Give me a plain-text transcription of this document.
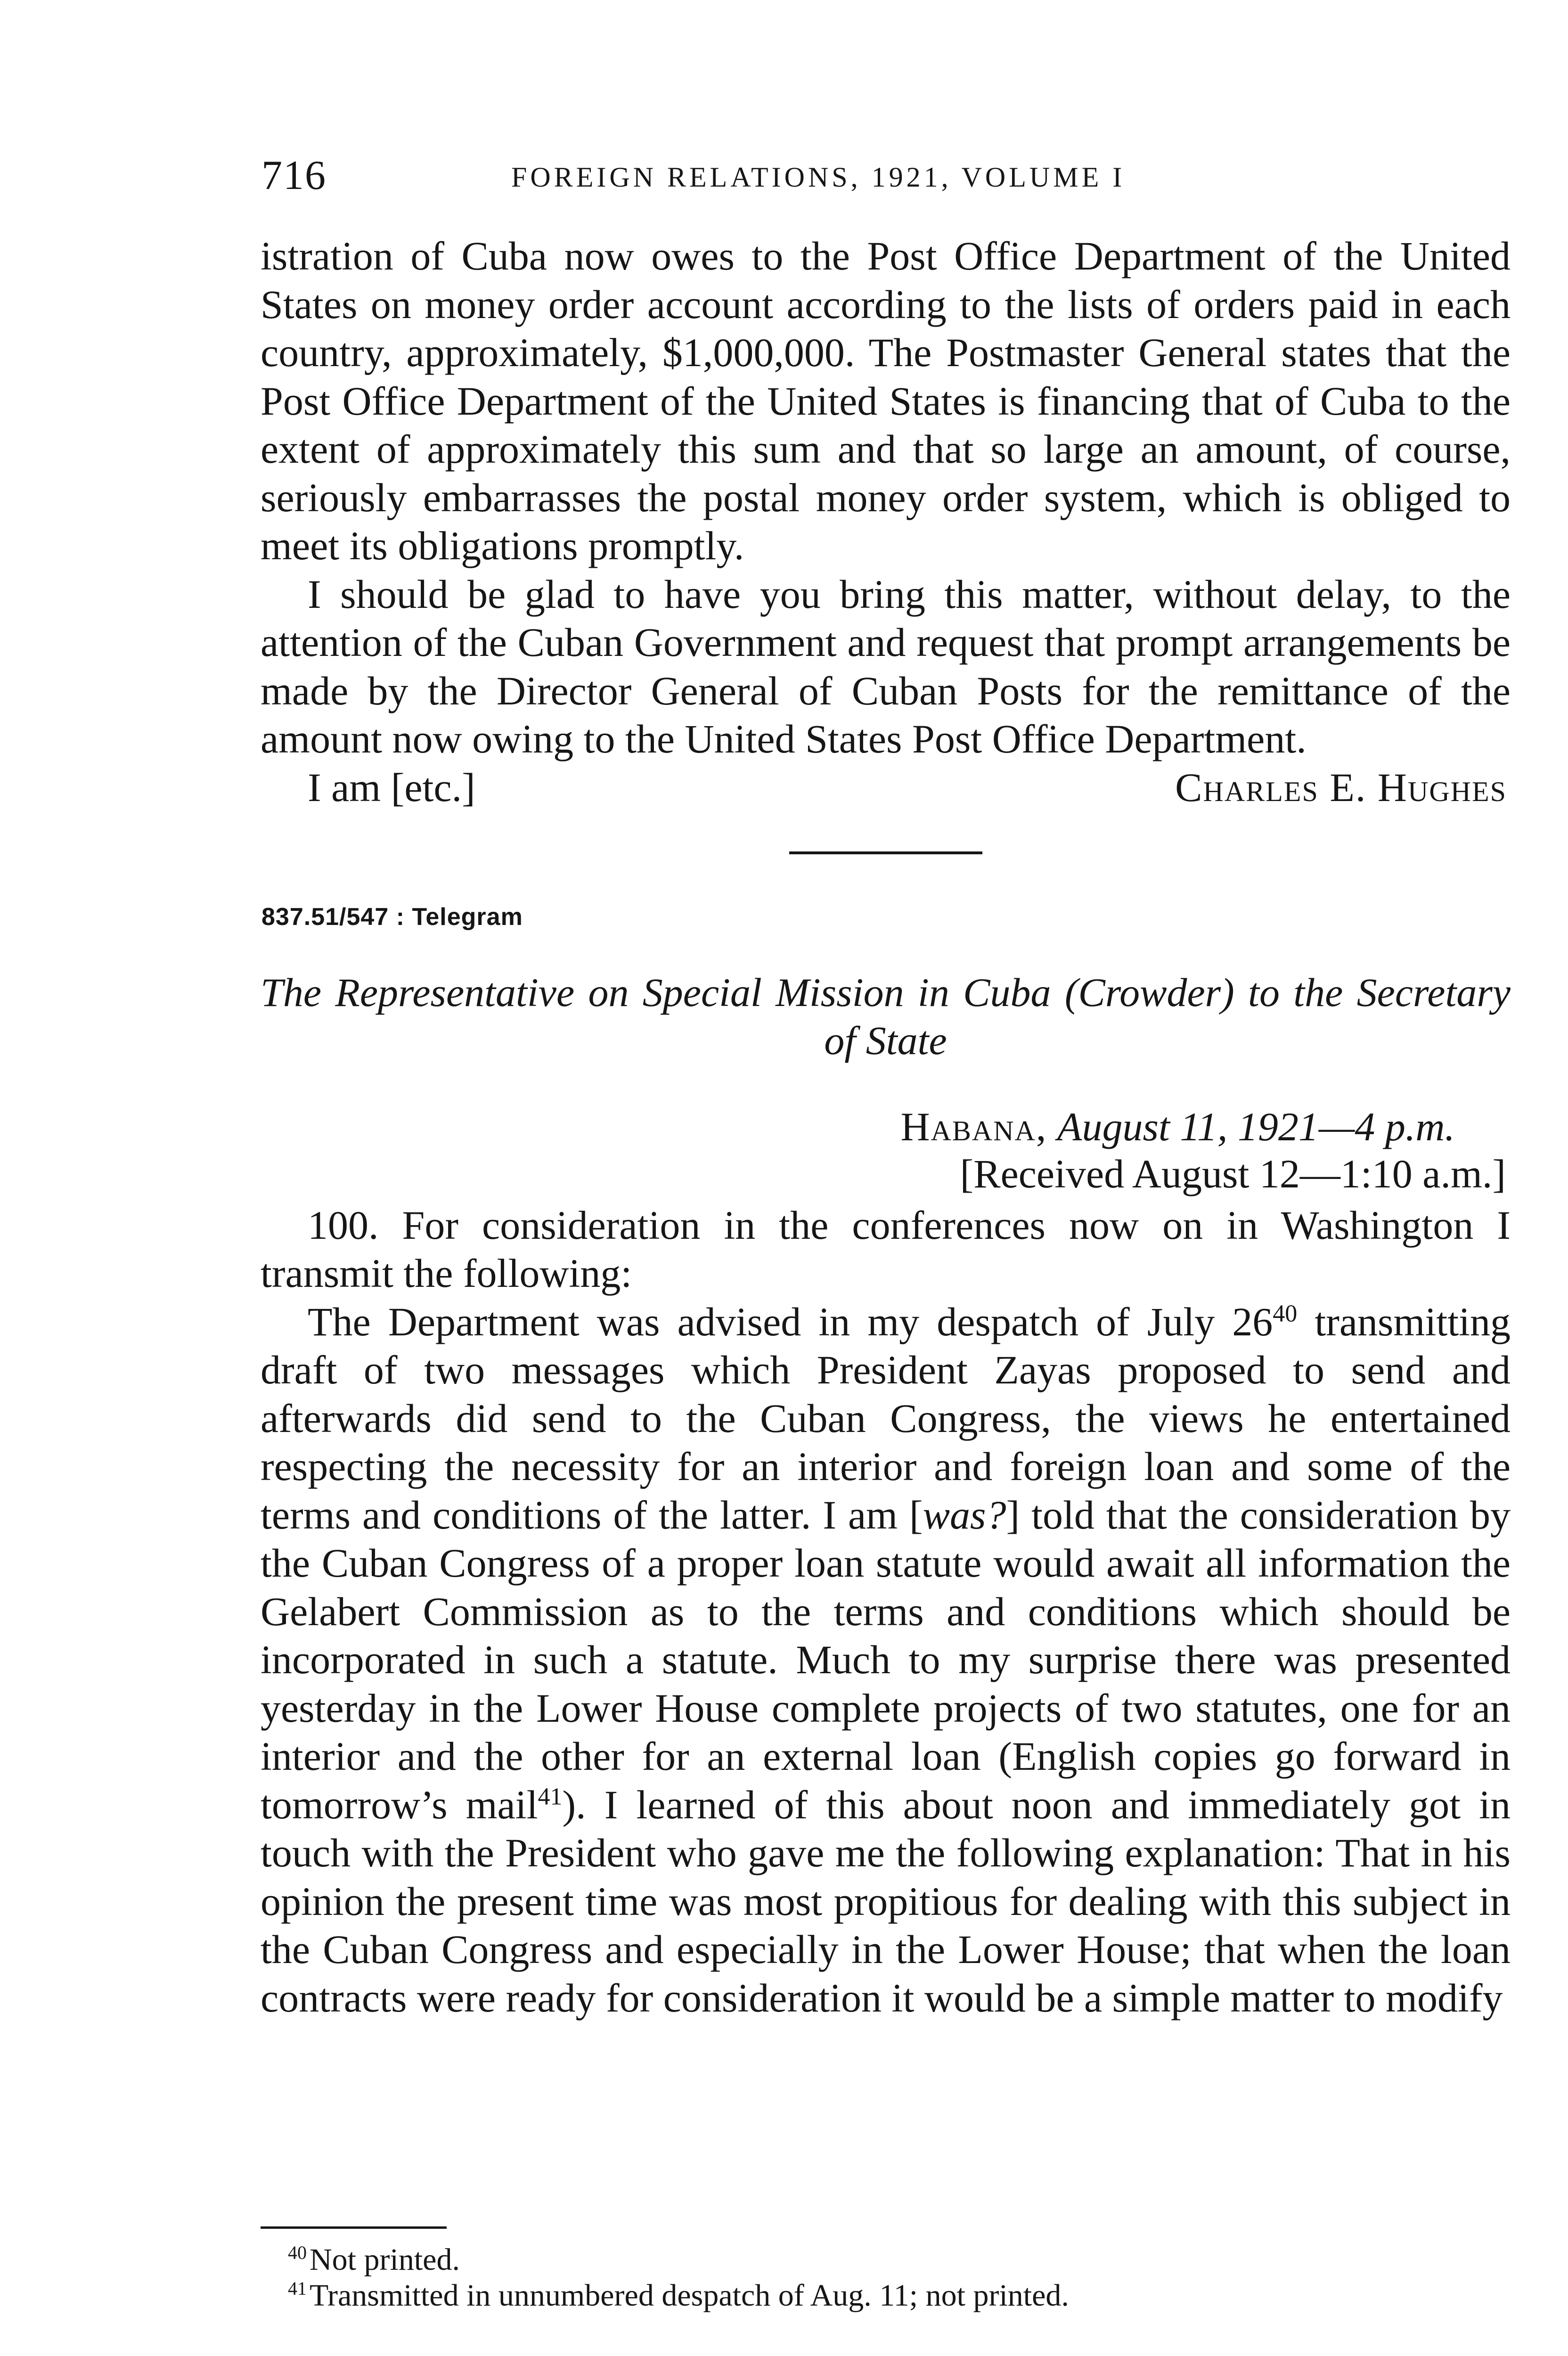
716	FOREIGN RELATIONS, 1921, VOLUME I

istration of Cuba now owes to the Post Office Department of the United States on money order account according to the lists of orders paid in each country, approximately, $1,000,000. The Postmaster General states that the Post Office Department of the United States is financing that of Cuba to the extent of approximately this sum and that so large an amount, of course, seriously embarrasses the postal money order system, which is obliged to meet its obligations promptly.

I should be glad to have you bring this matter, without delay, to the attention of the Cuban Government and request that prompt arrangements be made by the Director General of Cuban Posts for the remittance of the amount now owing to the United States Post Office Department.

I am [etc.]	Charles E. Hughes
837.51/547 : Telegram
The Representative on Special Mission in Cuba (Crowder) to the Secretary of State
Habana, August 11, 1921—4 p.m.
[Received August 12—1:10 a.m.]

100. For consideration in the conferences now on in Washington I transmit the following:

The Department was advised in my despatch of July 26$^{40}$ transmitting draft of two messages which President Zayas proposed to send and afterwards did send to the Cuban Congress, the views he entertained respecting the necessity for an interior and foreign loan and some of the terms and conditions of the latter. I am [was?] told that the consideration by the Cuban Congress of a proper loan statute would await all information the Gelabert Commission as to the terms and conditions which should be incorporated in such a statute. Much to my surprise there was presented yesterday in the Lower House complete projects of two statutes, one for an interior and the other for an external loan (English copies go forward in tomorrow’s mail$^{41}$). I learned of this about noon and immediately got in touch with the President who gave me the following explanation: That in his opinion the present time was most propitious for dealing with this subject in the Cuban Congress and especially in the Lower House; that when the loan contracts were ready for consideration it would be a simple matter to modify

$^{40}$Not printed.
$^{41}$Transmitted in unnumbered despatch of Aug. 11; not printed.
